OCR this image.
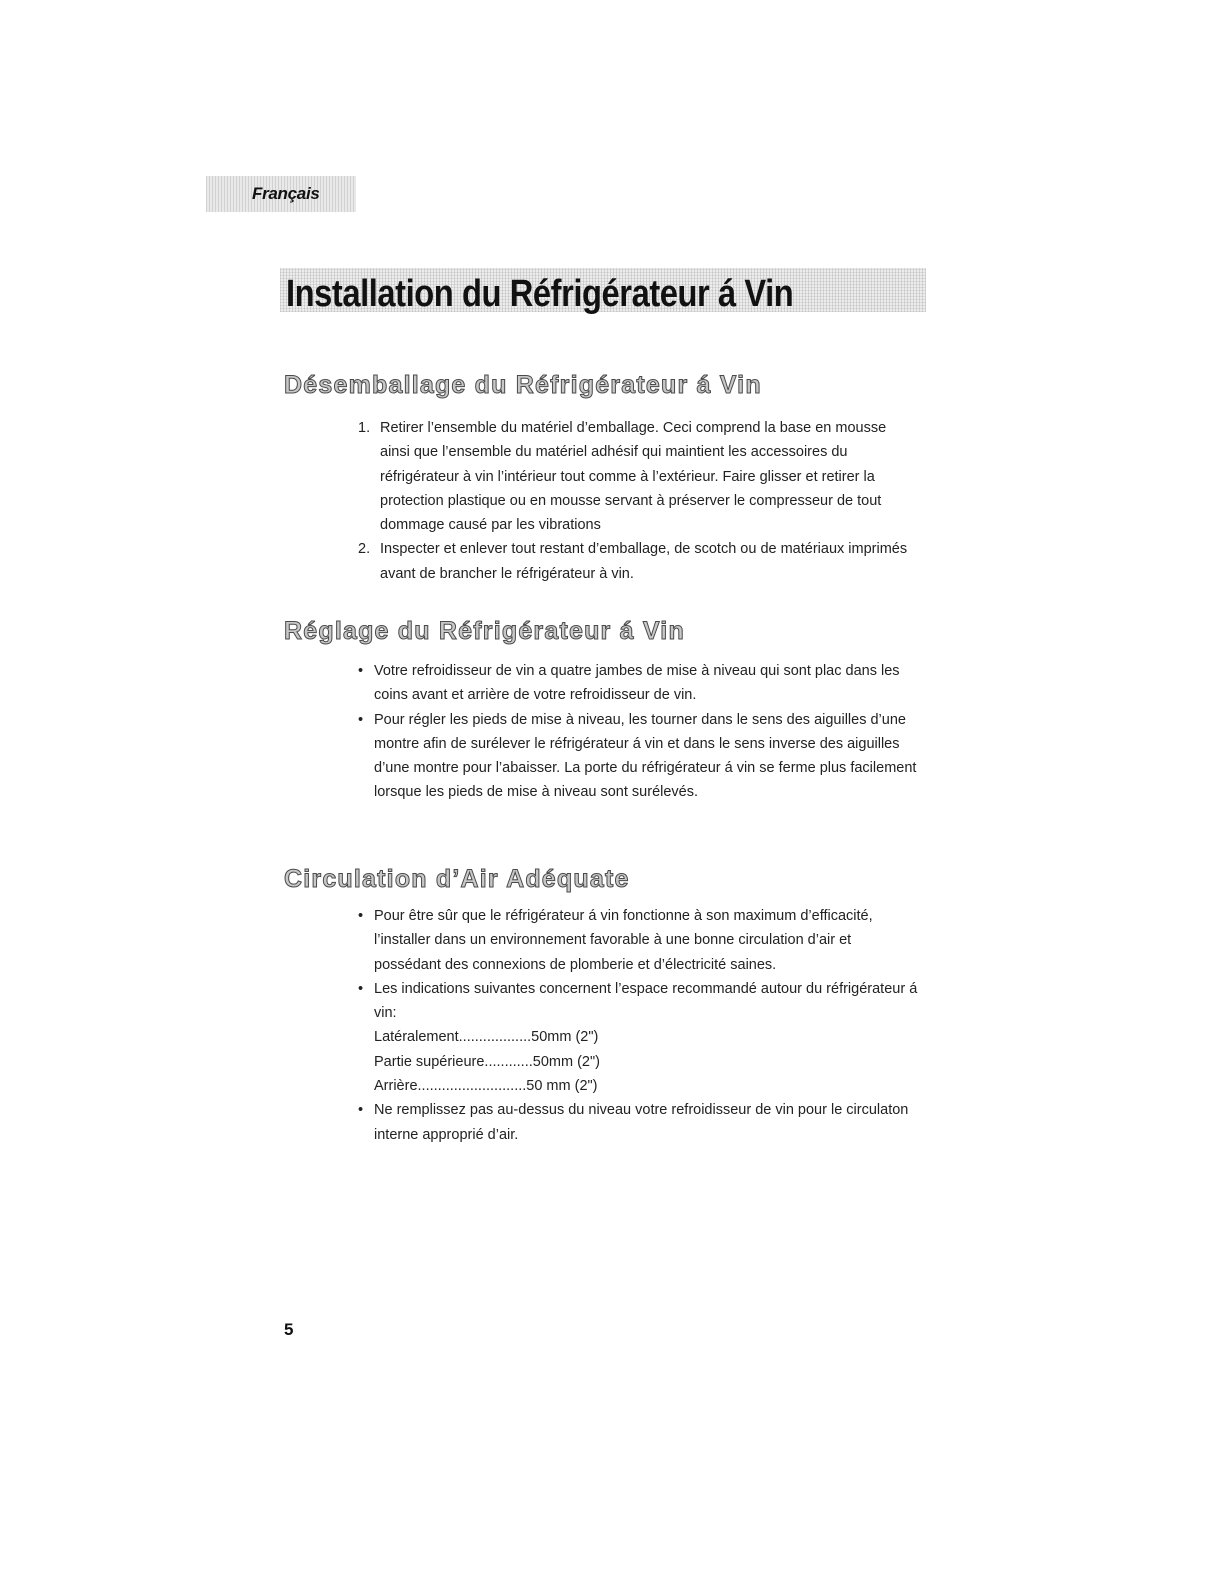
Français
Installation du Réfrigérateur á Vin
Désemballage du Réfrigérateur á Vin
1. Retirer l’ensemble du matériel d’emballage. Ceci comprend la base en mousse ainsi que l’ensemble du matériel adhésif qui maintient les accessoires du réfrigérateur à vin l’intérieur tout comme à l’extérieur. Faire glisser et retirer la protection plastique ou en mousse servant à préserver le compresseur de tout dommage causé par les vibrations
2. Inspecter et enlever tout restant d’emballage, de scotch ou de matériaux imprimés avant de brancher le réfrigérateur à vin.
Réglage du Réfrigérateur á Vin
• Votre refroidisseur de vin a quatre jambes de mise à niveau qui sont plac dans les coins avant et arrière de votre refroidisseur de vin.
• Pour régler les pieds de mise à niveau, les tourner dans le sens des aiguilles d’une montre afin de surélever le réfrigérateur á vin et dans le sens inverse des aiguilles d’une montre pour l’abaisser. La porte du réfrigérateur á vin se ferme plus facilement lorsque les pieds de mise à niveau sont surélevés.
Circulation d’Air Adéquate
• Pour être sûr que le réfrigérateur á vin fonctionne à son maximum d’efficacité, l’installer dans un environnement favorable à une bonne circulation d’air et possédant des connexions de plomberie et d’électricité saines.
• Les indications suivantes concernent l’espace recommandé autour du réfrigérateur á vin:
Latéralement..................50mm (2")
Partie supérieure............50mm (2")
Arrière...........................50 mm (2")
• Ne remplissez pas au-dessus du niveau votre refroidisseur de vin pour le circulaton interne approprié d’air.
5
